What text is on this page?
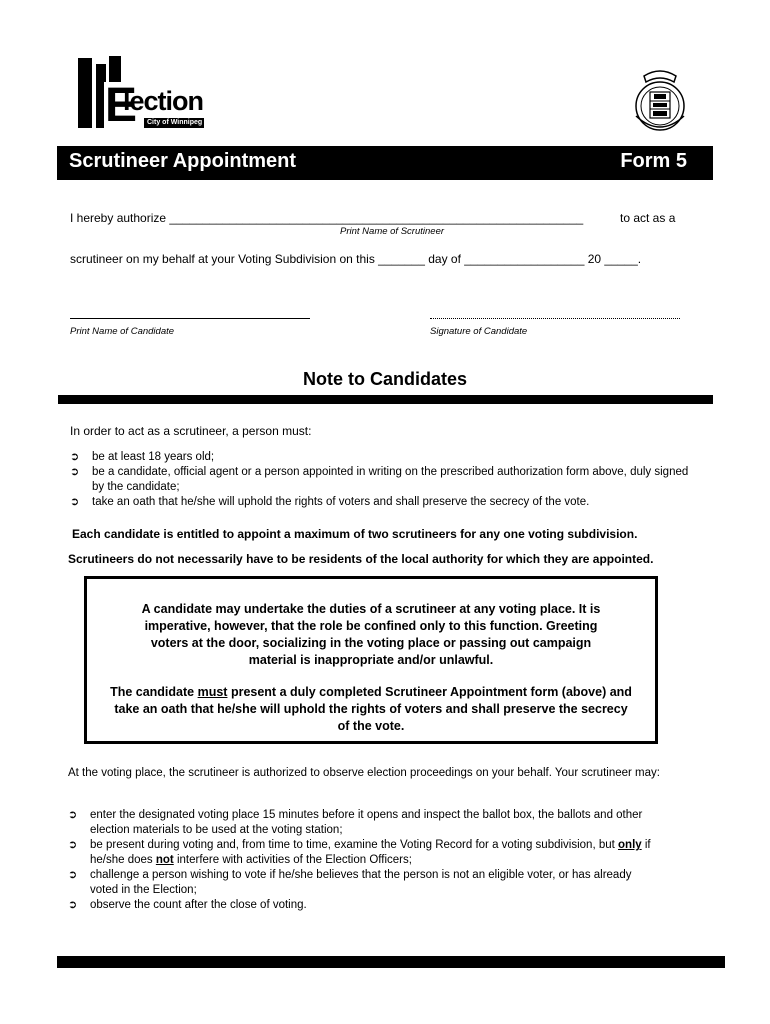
E
lection
City of Winnipeg
Scrutineer Appointment	Form 5
I hereby authorize ______________________________________________________________	to act as a
Print Name of Scrutineer
scrutineer on my behalf at your Voting Subdivision on this _______ day of __________________ 20 _____.
Print Name of Candidate	Signature of Candidate
Note to Candidates
In order to act as a scrutineer, a person must:
➲ be at least 18 years old;
➲ be a candidate, official agent or a person appointed in writing on the prescribed authorization form above, duly signed by the candidate;
➲ take an oath that he/she will uphold the rights of voters and shall preserve the secrecy of the vote.
Each candidate is entitled to appoint a maximum of two scrutineers for any one voting subdivision.
Scrutineers do not necessarily have to be residents of the local authority for which they are appointed.

A candidate may undertake the duties of a scrutineer at any voting place. It is imperative, however, that the role be confined only to this function. Greeting voters at the door, socializing in the voting place or passing out campaign material is inappropriate and/or unlawful.

The candidate must present a duly completed Scrutineer Appointment form (above) and take an oath that he/she will uphold the rights of voters and shall preserve the secrecy of the vote.

At the voting place, the scrutineer is authorized to observe election proceedings on your behalf. Your scrutineer may:
➲ enter the designated voting place 15 minutes before it opens and inspect the ballot box, the ballots and other election materials to be used at the voting station;
➲ be present during voting and, from time to time, examine the Voting Record for a voting subdivision, but only if he/she does not interfere with activities of the Election Officers;
➲ challenge a person wishing to vote if he/she believes that the person is not an eligible voter, or has already voted in the Election;
➲ observe the count after the close of voting.
